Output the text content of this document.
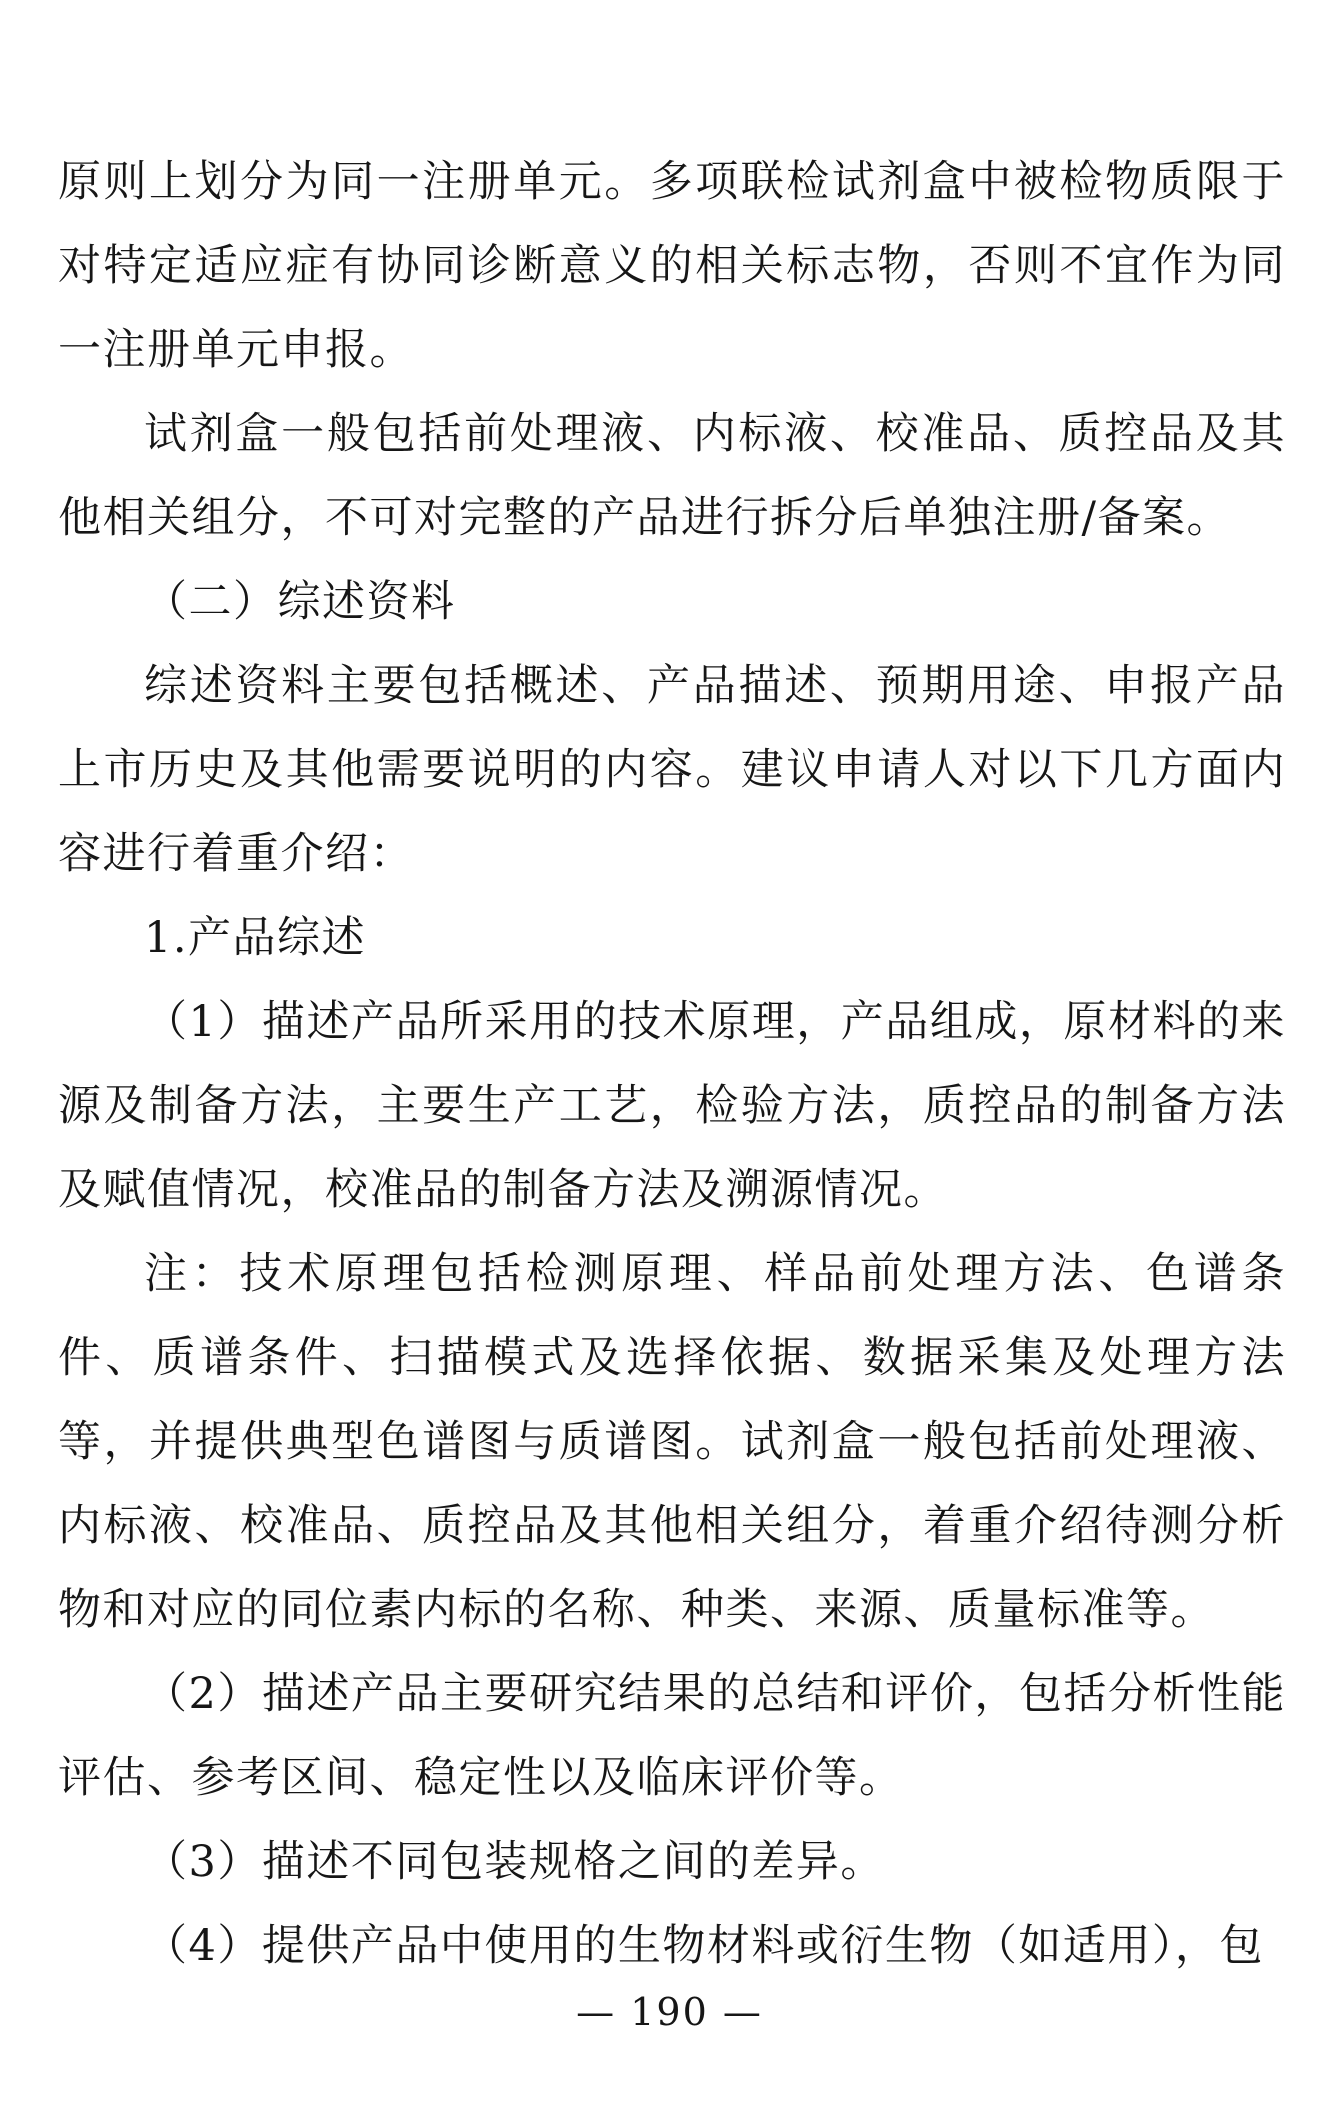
原则上划分为同一注册单元。多项联检试剂盒中被检物质限于对特定适应症有协同诊断意义的相关标志物，否则不宜作为同一注册单元申报。

试剂盒一般包括前处理液、内标液、校准品、质控品及其他相关组分，不可对完整的产品进行拆分后单独注册/备案。

（二）综述资料

综述资料主要包括概述、产品描述、预期用途、申报产品上市历史及其他需要说明的内容。建议申请人对以下几方面内容进行着重介绍：

1.产品综述

（1）描述产品所采用的技术原理，产品组成，原材料的来源及制备方法，主要生产工艺，检验方法，质控品的制备方法及赋值情况，校准品的制备方法及溯源情况。

注：技术原理包括检测原理、样品前处理方法、色谱条件、质谱条件、扫描模式及选择依据、数据采集及处理方法等，并提供典型色谱图与质谱图。试剂盒一般包括前处理液、内标液、校准品、质控品及其他相关组分，着重介绍待测分析物和对应的同位素内标的名称、种类、来源、质量标准等。

（2）描述产品主要研究结果的总结和评价，包括分析性能评估、参考区间、稳定性以及临床评价等。

（3）描述不同包装规格之间的差异。

（4）提供产品中使用的生物材料或衍生物（如适用），包

— 190 —
